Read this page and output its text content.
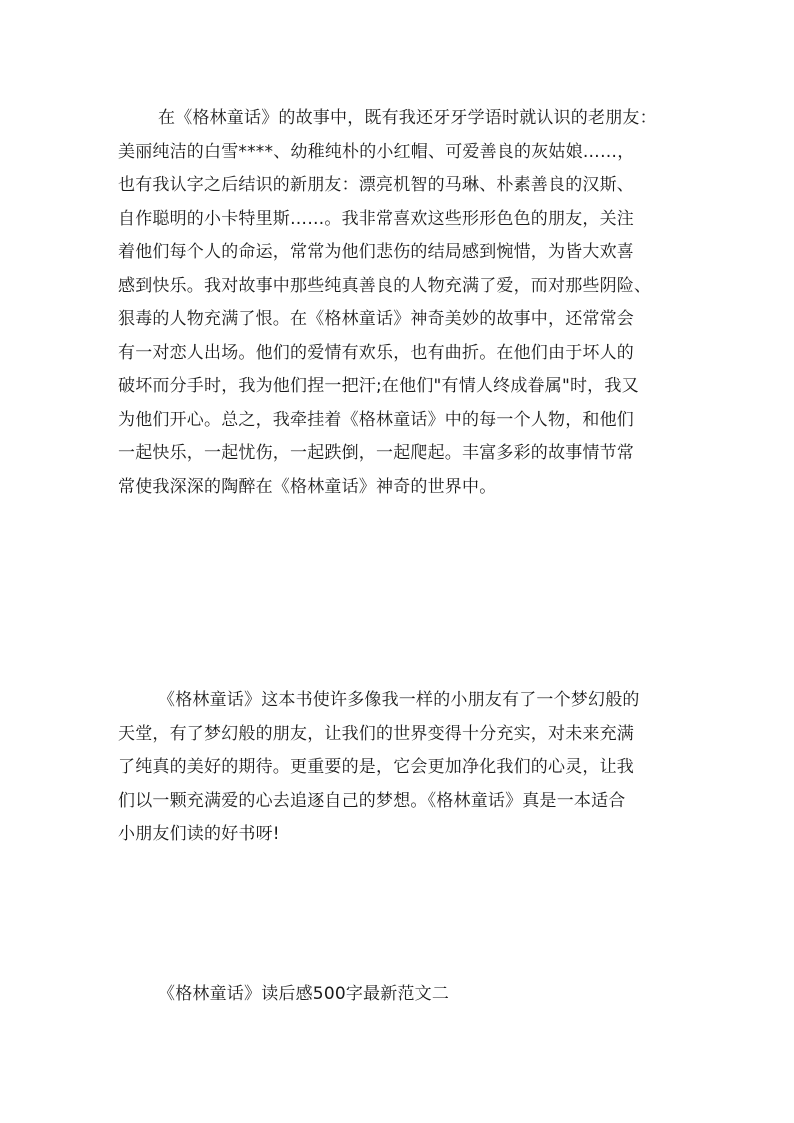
在《格林童话》的故事中，既有我还牙牙学语时就认识的老朋友：
美丽纯洁的白雪****、幼稚纯朴的小红帽、可爱善良的灰姑娘……，
也有我认字之后结识的新朋友：漂亮机智的马琳、朴素善良的汉斯、
自作聪明的小卡特里斯……。我非常喜欢这些形形色色的朋友，关注
着他们每个人的命运，常常为他们悲伤的结局感到惋惜，为皆大欢喜
感到快乐。我对故事中那些纯真善良的人物充满了爱，而对那些阴险、
狠毒的人物充满了恨。在《格林童话》神奇美妙的故事中，还常常会
有一对恋人出场。他们的爱情有欢乐，也有曲折。在他们由于坏人的
破坏而分手时，我为他们捏一把汗;在他们"有情人终成眷属"时，我又
为他们开心。总之，我牵挂着《格林童话》中的每一个人物，和他们
一起快乐，一起忧伤，一起跌倒，一起爬起。丰富多彩的故事情节常
常使我深深的陶醉在《格林童话》神奇的世界中。
《格林童话》这本书使许多像我一样的小朋友有了一个梦幻般的
天堂，有了梦幻般的朋友，让我们的世界变得十分充实，对未来充满
了纯真的美好的期待。更重要的是，它会更加净化我们的心灵，让我
们以一颗充满爱的心去追逐自己的梦想。《格林童话》真是一本适合
小朋友们读的好书呀!
《格林童话》读后感500字最新范文二
